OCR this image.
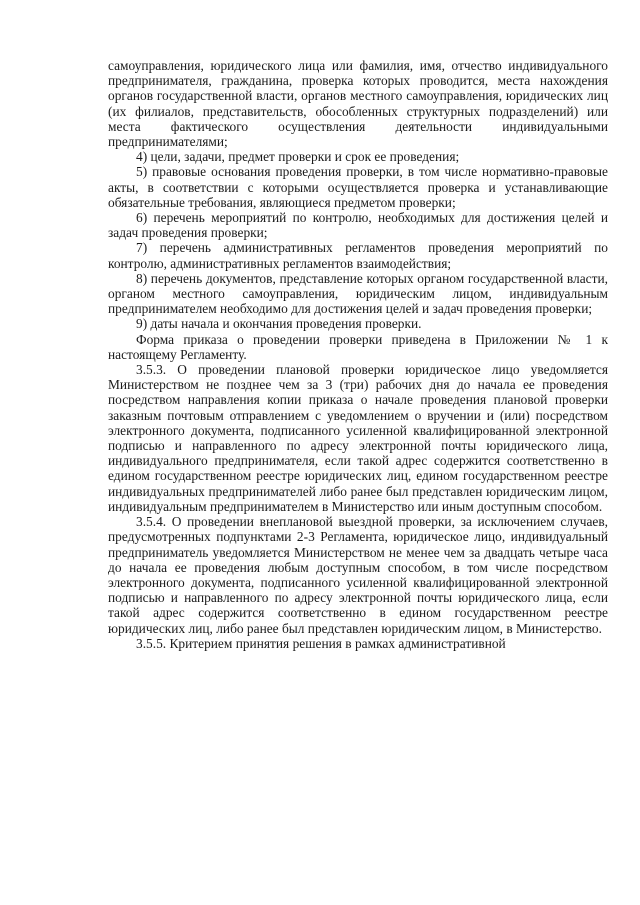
самоуправления, юридического лица или фамилия, имя, отчество индивидуального предпринимателя, гражданина, проверка которых проводится, места нахождения органов государственной власти, органов местного самоуправления, юридических лиц (их филиалов, представительств, обособленных структурных подразделений) или места фактического осуществления деятельности индивидуальными предпринимателями;

4) цели, задачи, предмет проверки и срок ее проведения;

5) правовые основания проведения проверки, в том числе нормативно-правовые акты, в соответствии с которыми осуществляется проверка и устанавливающие обязательные требования, являющиеся предметом проверки;

6) перечень мероприятий по контролю, необходимых для достижения целей и задач проведения проверки;

7) перечень административных регламентов проведения мероприятий по контролю, административных регламентов взаимодействия;

8) перечень документов, представление которых органом государственной власти, органом местного самоуправления, юридическим лицом, индивидуальным предпринимателем необходимо для достижения целей и задач проведения проверки;

9) даты начала и окончания проведения проверки.

Форма приказа о проведении проверки приведена в Приложении № 1 к настоящему Регламенту.

3.5.3. О проведении плановой проверки юридическое лицо уведомляется Министерством не позднее чем за 3 (три) рабочих дня до начала ее проведения посредством направления копии приказа о начале проведения плановой проверки заказным почтовым отправлением с уведомлением о вручении и (или) посредством электронного документа, подписанного усиленной квалифицированной электронной подписью и направленного по адресу электронной почты юридического лица, индивидуального предпринимателя, если такой адрес содержится соответственно в едином государственном реестре юридических лиц, едином государственном реестре индивидуальных предпринимателей либо ранее был представлен юридическим лицом, индивидуальным предпринимателем в Министерство или иным доступным способом.

3.5.4. О проведении внеплановой выездной проверки, за исключением случаев, предусмотренных подпунктами 2-3 Регламента, юридическое лицо, индивидуальный предприниматель уведомляется Министерством не менее чем за двадцать четыре часа до начала ее проведения любым доступным способом, в том числе посредством электронного документа, подписанного усиленной квалифицированной электронной подписью и направленного по адресу электронной почты юридического лица, если такой адрес содержится соответственно в едином государственном реестре юридических лиц, либо ранее был представлен юридическим лицом, в Министерство.

3.5.5. Критерием принятия решения в рамках административной
